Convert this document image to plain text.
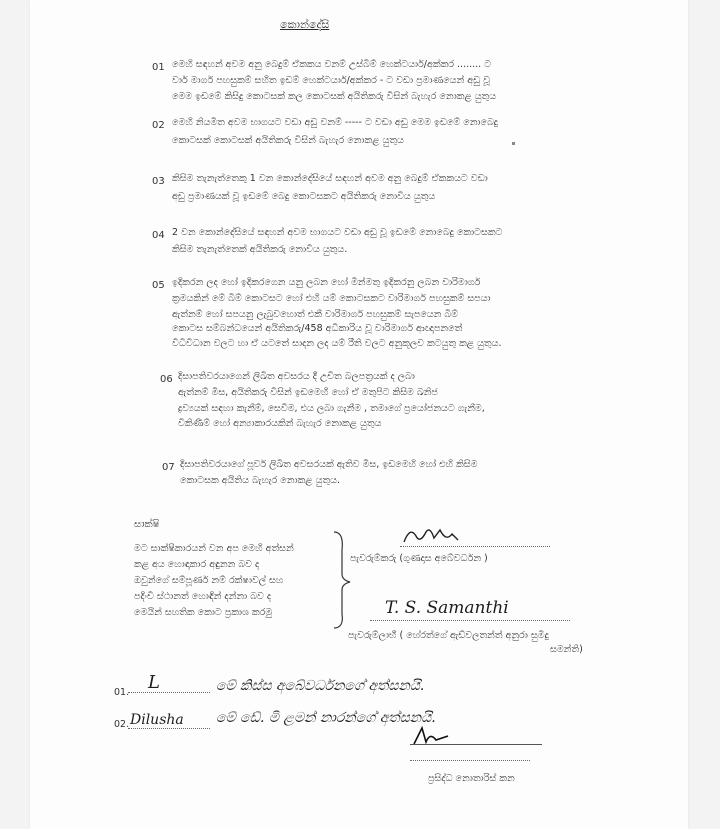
කොන්දේසි
01 මෙහි සඳහන් අවම අනු බෙදුම් ඒකකය වනම් උස්බිම් හෙක්ටයාර්/අක්කර ........ ට
වාර් මාර්ග පහසුකම් සහිත ඉඩම් හෙක්ටයාර්/අක්කර - ට වඩා ප්‍රමාණයෙන් අඩු වූ
මෙම ඉඩමේ කිසිදු කොටසක් කල කොටසක් අයිතිකරු විසින් බැහැර නොකළ යුතුය
02 මෙහි නියමිත අවම භාගයට වඩා අඩු වනම් ----- ට වඩා අඩු මෙම ඉඩමේ නොබෙදු
කොටසක් කොටසක් අයිතිකරු විසින් බැහැර නොකළ යුතුය
03 කිසිම තැනැත්තෙකු 1 වන කොන්දේසියේ සඳහන් අවම අනු බෙදුම් ඒකකයට වඩා
අඩු ප්‍රමාණයක් වූ ඉඩමේ බෙදු කොටසකට අයිතිකරු නොවිය යුතුය
04 2 වන කොන්දේසියේ සඳහන් අවම භාගයට වඩා අඩු වූ ඉඩමේ නොබෙදු කොටසකට
කිසිම තැනැත්තෙක් අයිතිකරු නොවිය යුතුය.
05 ඉදිකරන ලද හෝ ඉදිකරගෙන යනු ලබන හෝ මින්මතු ඉදිකරනු ලබන වාරිමාර්ග
ක්‍රමයකින් මේ බිම් කොටසට හෝ එහි යම් කොටසකට වාරිමාර්ග පහසුකම් සපයා
ඇත්නම් හෝ සපයනු ලැබුවහොත් එකී වාරිමාර්ග පහසුකම් සැපයෙන බිම්
කොටස සම්බන්ධයෙන් අයිතිකරු/458 අධිකාරිය වූ වාරිමාර්ග ආඥාපනතේ
විධිවිධාන වලට හා ඒ යටතේ සාදන ලද යම් රීති වලට අනුකූලව කටයුතු කළ යුතුය.
06 දිසාපතිවරයාගෙන් ලිඛිත අවසරය දී උචිත බලපත්‍රයක් ද ලබා
ඇත්නම් මිස, අයිතිකරු විසින් ඉඩමෙහි හෝ ඒ මතුපිට කිසිම ඛනිජ
ද්‍රව්‍යයක් සඳහා කැනීම්, සෙවීම, එය ලබා ගැනීම , තමාගේ ප්‍රයෝජනයට ගැනීම,
විකිණීම් හෝ අන්‍යාකාරයකින් බැහැර නොකළ යුතුය
07 දිසාපතිවරයාගේ පූර්ව ලිඛිත අවසරයක් ඇතිව මිස, ඉඩමෙහි හෝ එහි කිසිම
කොටසක අයිතිය බැහැර නොකළ යුතුය.
සාක්ෂි
මට සාක්ෂිකාරයන් වන අප මෙහි අත්සන්
කළ අය හොඳාකාර අඳුනන බව ද
ඔවුන්ගේ සම්පූර්ණ නම් රක්ෂාවල් සහ
පදිංචි ස්ථානත් හොඳින් දන්නා බව ද
මෙයින් සහතික කොට ප්‍රකාශ කරමු
පැවරුම්කරු (ගුණදාස අබේවර්ධන )
T. S. Samanthi
පැවරුම්ලාභී ( හේරත්ගේ ඇඩ්වලතන්ත් අනුරා සුමිදු
සමන්ති)
01. L	මේ කිස්ස අබේවර්ධනගේ අත්සනයි.
02. Dilusha මේ ඩේ. මි ළමන් නාරන්ගේ අත්සනයි.
ප්‍රසිද්ධ නොතාරිස් කන
